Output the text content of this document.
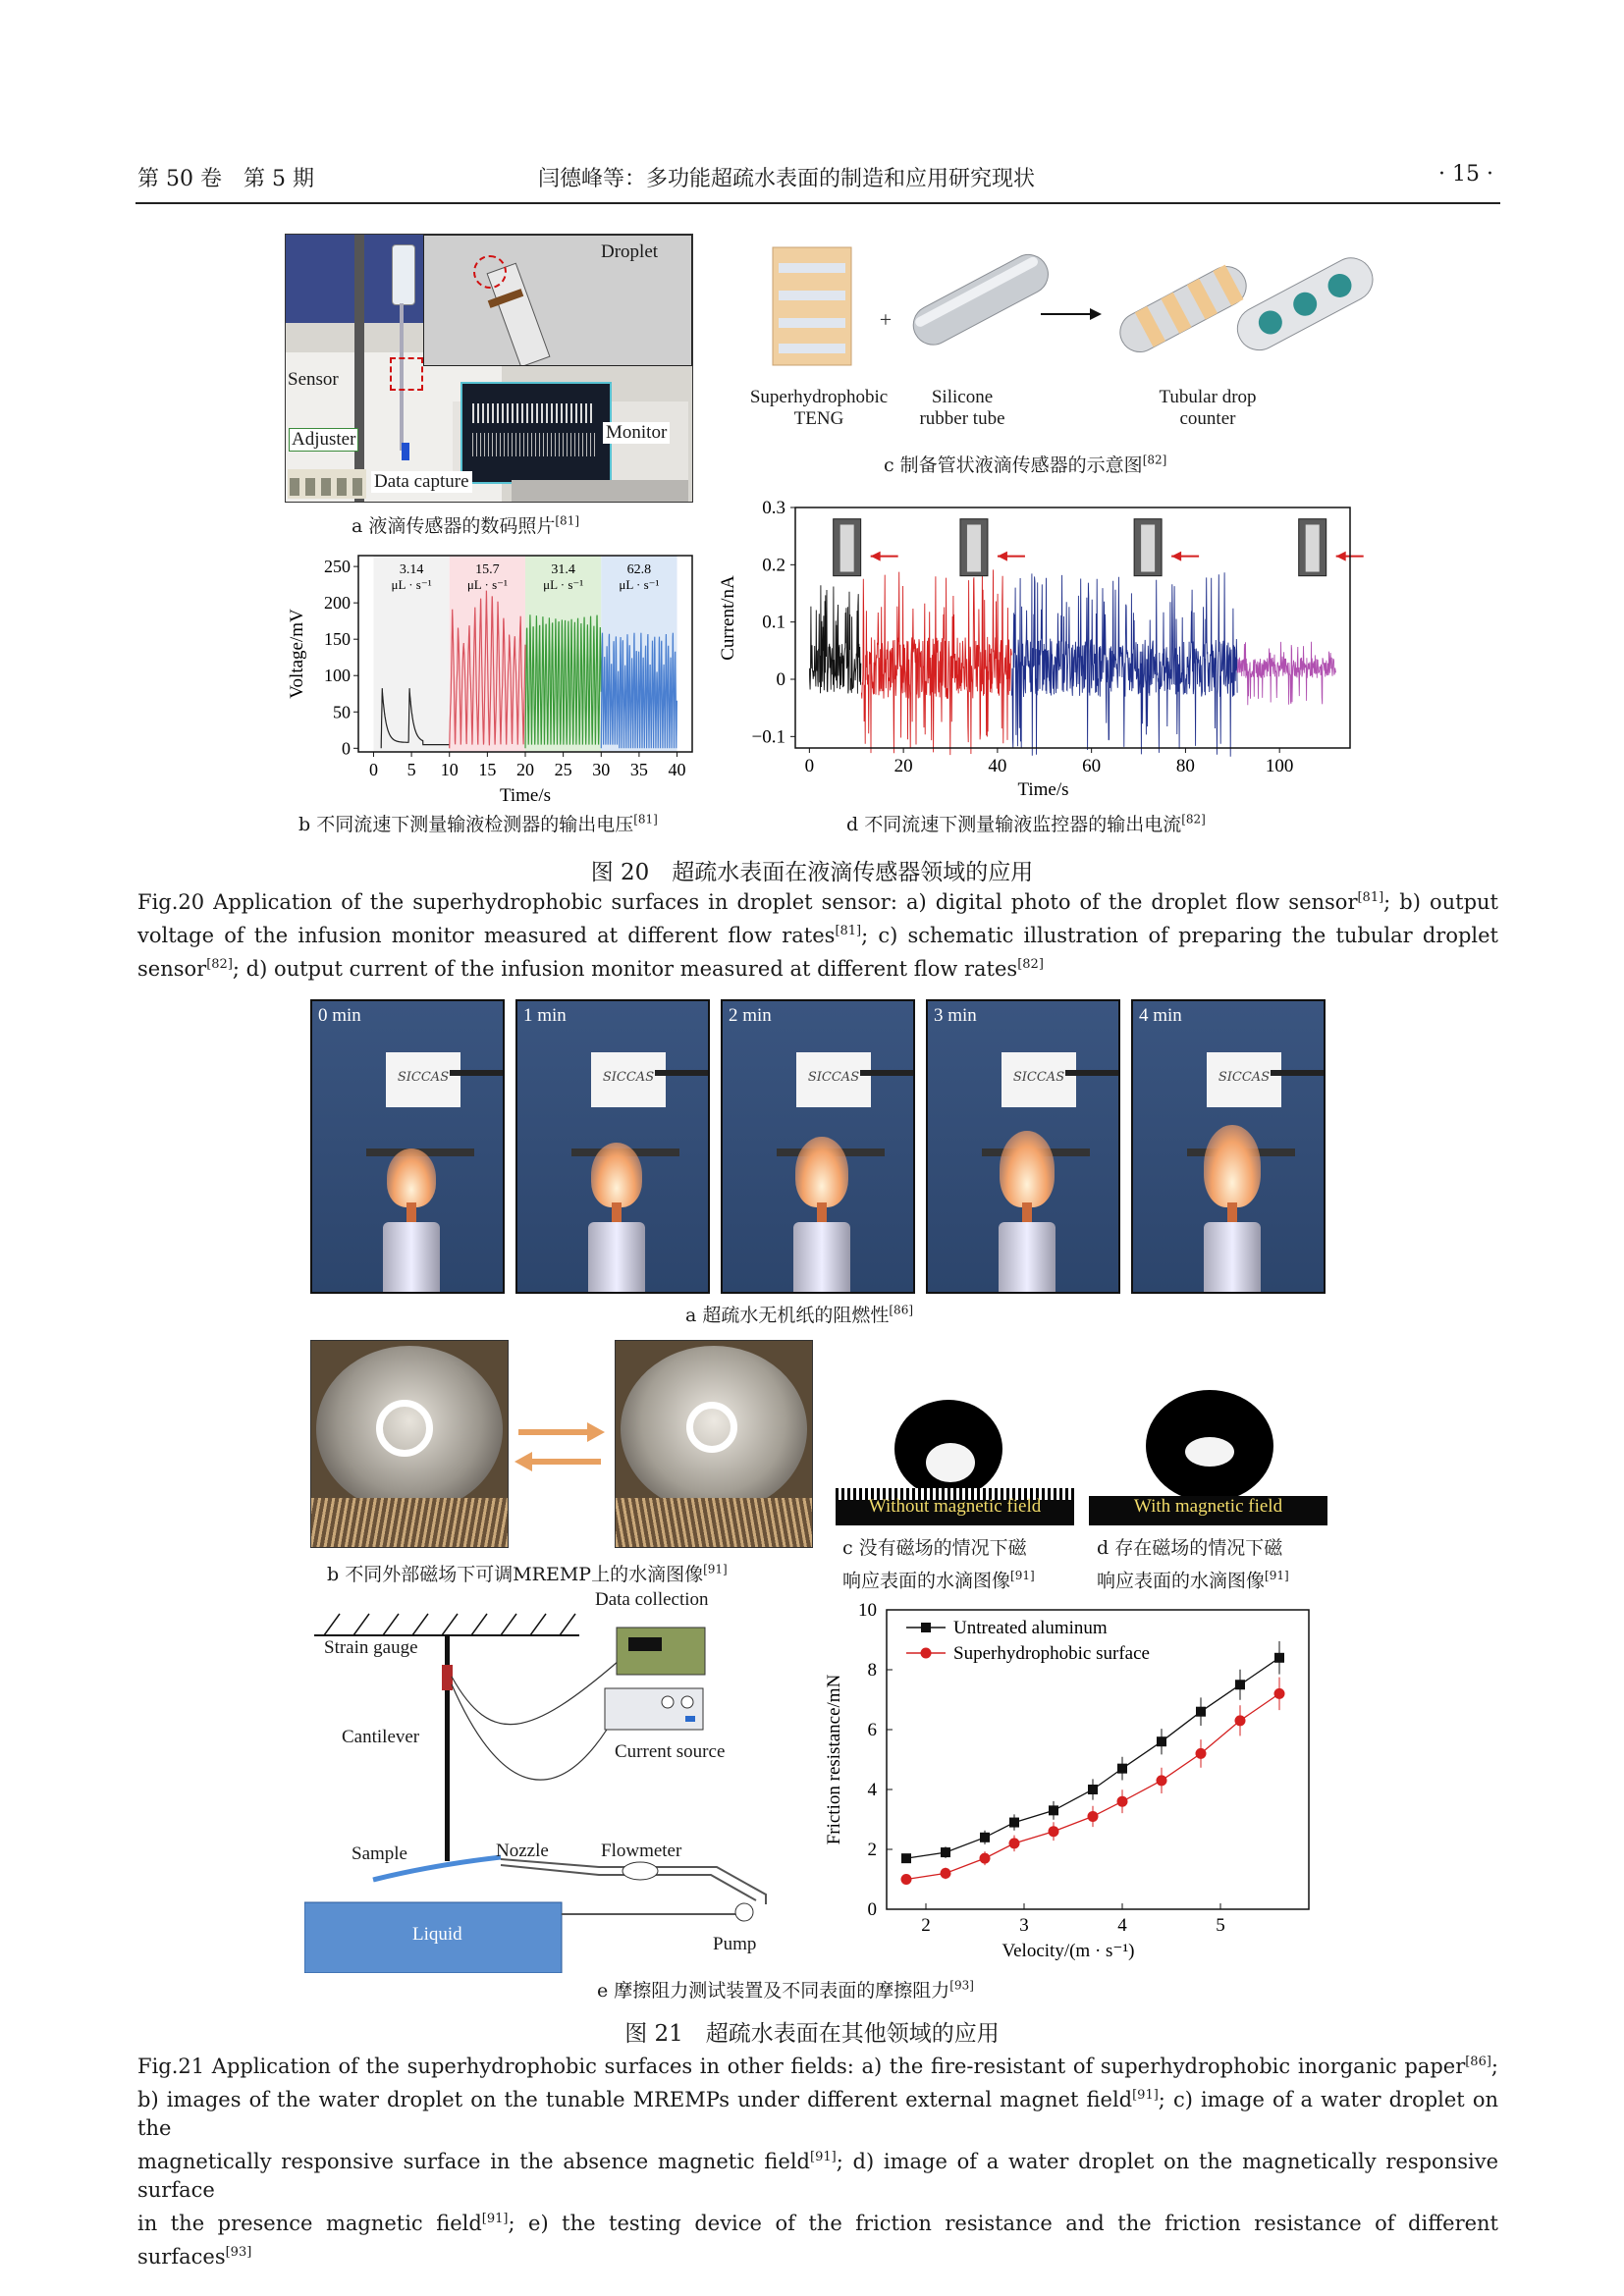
第 50 卷　第 5 期	闫德峰等：多功能超疏水表面的制造和应用研究现状	· 15 ·
Droplet
Sensor
Adjuster	Monitor
Data capture
a 液滴传感器的数码照片[81]
+
Superhydrophobic
TENG
Silicone
rubber tube
Tubular drop
counter
c 制备管状液滴传感器的示意图[82]
3.14
μL · s⁻¹
15.7
μL · s⁻¹
31.4
μL · s⁻¹
62.8
μL · s⁻¹
0 5 10 15 20 25 30 35 40
0
50
100
150
200
250
Time/s
Voltage/mV
b 不同流速下测量输液检测器的输出电压[81]
0	20	40	60	80	100
−0.1
0
0.1
0.2
0.3
Time/s
Current/nA
d 不同流速下测量输液监控器的输出电流[82]
图 20　超疏水表面在液滴传感器领域的应用
Fig.20 Application of the superhydrophobic surfaces in droplet sensor: a) digital photo of the droplet flow sensor[81]; b) output
voltage of the infusion monitor measured at different flow rates[81]; c) schematic illustration of preparing the tubular droplet
sensor[82]; d) output current of the infusion monitor measured at different flow rates[82]
0 min
SICCAS
1 min
SICCAS
2 min
SICCAS
3 min
SICCAS
4 min
SICCAS
a 超疏水无机纸的阻燃性[86]
b 不同外部磁场下可调MREMP上的水滴图像[91]
Without magnetic field	With magnetic field
c 没有磁场的情况下磁
响应表面的水滴图像[91]
d 存在磁场的情况下磁
响应表面的水滴图像[91]
Data collection
Strain gauge
Cantilever
Current source
Sample	Nozzle	Flowmeter
Liquid	Pump
Untreated aluminum
Superhydrophobic surface
2	3	4	5
0
2
4
6
8
10
Velocity/(m · s⁻¹)
Friction resistance/mN
e 摩擦阻力测试装置及不同表面的摩擦阻力[93]
图 21　超疏水表面在其他领域的应用
Fig.21 Application of the superhydrophobic surfaces in other fields: a) the fire-resistant of superhydrophobic inorganic paper[86];
b) images of the water droplet on the tunable MREMPs under different external magnet field[91]; c) image of a water droplet on the
magnetically responsive surface in the absence magnetic field[91]; d) image of a water droplet on the magnetically responsive surface
in the presence magnetic field[91]; e) the testing device of the friction resistance and the friction resistance of different surfaces[93]
